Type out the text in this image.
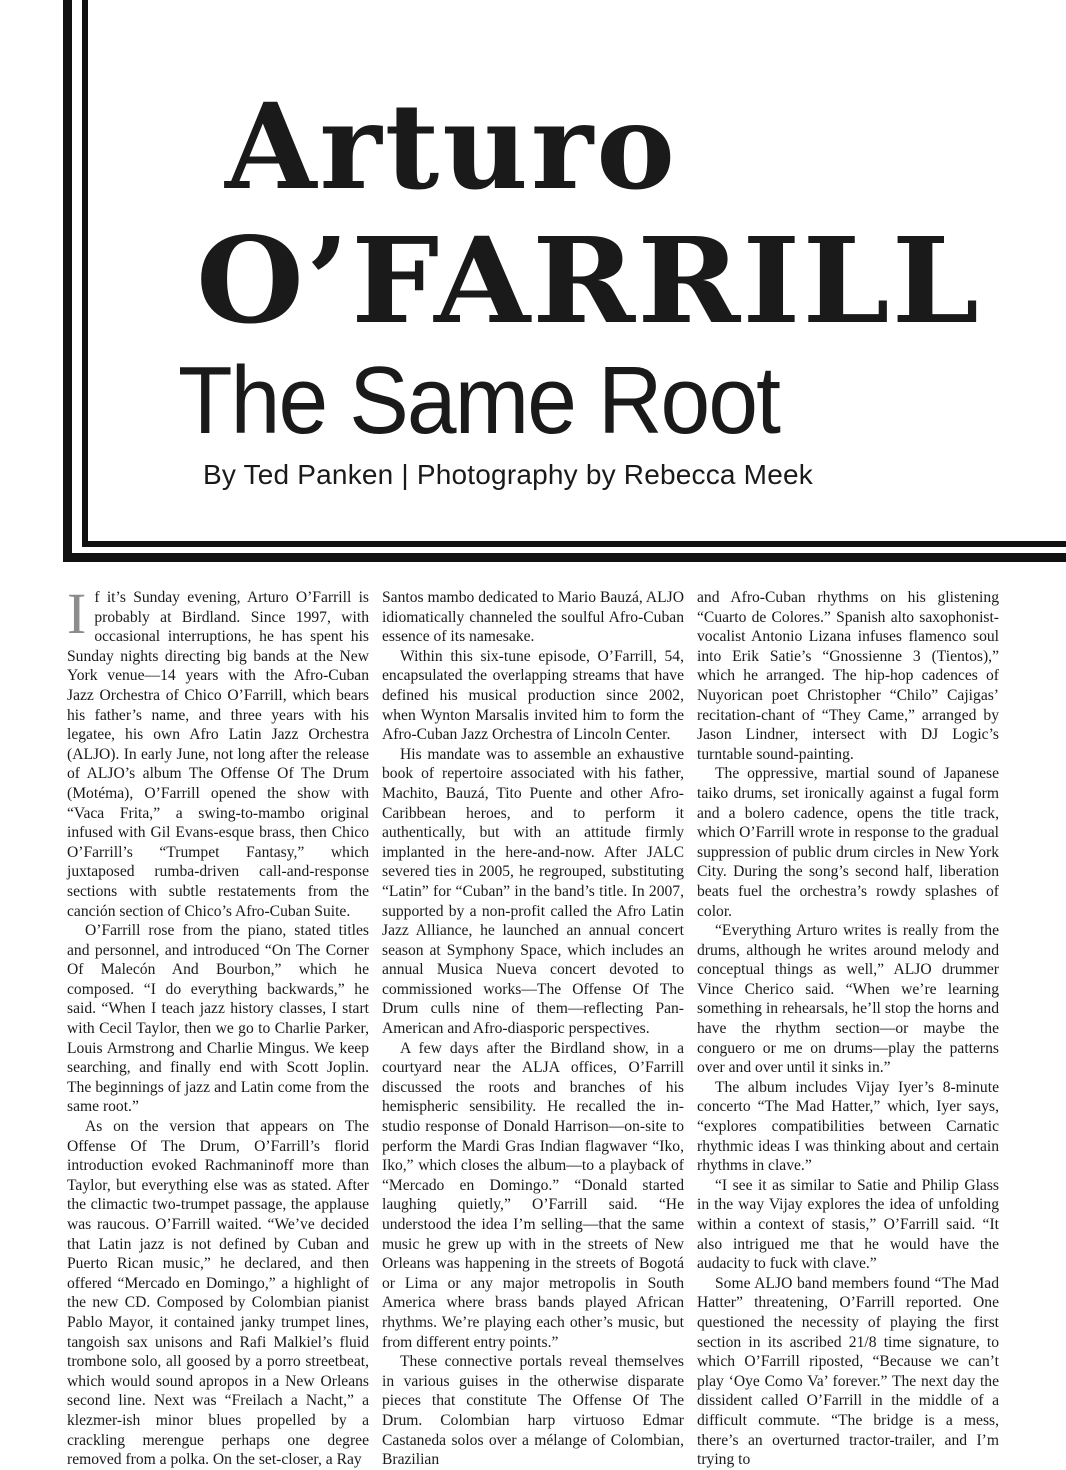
Arturo
O’FARRILL
The Same Root

By Ted Panken | Photography by Rebecca Meek

If it’s Sunday evening, Arturo O’Farrill is probably at Birdland. Since 1997, with occasional interruptions, he has spent his Sunday nights directing big bands at the New York venue—14 years with the Afro-Cuban Jazz Orchestra of Chico O’Farrill, which bears his father’s name, and three years with his legatee, his own Afro Latin Jazz Orchestra (ALJO). In early June, not long after the release of ALJO’s album The Offense Of The Drum (Motéma), O’Farrill opened the show with “Vaca Frita,” a swing-to-mambo original infused with Gil Evans-esque brass, then Chico O’Farrill’s “Trumpet Fantasy,” which juxtaposed rumba-driven call-and-response sections with subtle restatements from the canción section of Chico’s Afro-Cuban Suite.

O’Farrill rose from the piano, stated titles and personnel, and introduced “On The Corner Of Malecón And Bourbon,” which he composed. “I do everything backwards,” he said. “When I teach jazz history classes, I start with Cecil Taylor, then we go to Charlie Parker, Louis Armstrong and Charlie Mingus. We keep searching, and finally end with Scott Joplin. The beginnings of jazz and Latin come from the same root.”

As on the version that appears on The Offense Of The Drum, O’Farrill’s florid introduction evoked Rachmaninoff more than Taylor, but everything else was as stated. After the climactic two-trumpet passage, the applause was raucous. O’Farrill waited. “We’ve decided that Latin jazz is not defined by Cuban and Puerto Rican music,” he declared, and then offered “Mercado en Domingo,” a highlight of the new CD. Composed by Colombian pianist Pablo Mayor, it contained janky trumpet lines, tangoish sax unisons and Rafi Malkiel’s fluid trombone solo, all goosed by a porro streetbeat, which would sound apropos in a New Orleans second line. Next was “Freilach a Nacht,” a klezmer-ish minor blues propelled by a crackling merengue perhaps one degree removed from a polka. On the set-closer, a Ray

Santos mambo dedicated to Mario Bauzá, ALJO idiomatically channeled the soulful Afro-Cuban essence of its namesake.

Within this six-tune episode, O’Farrill, 54, encapsulated the overlapping streams that have defined his musical production since 2002, when Wynton Marsalis invited him to form the Afro-Cuban Jazz Orchestra of Lincoln Center.

His mandate was to assemble an exhaustive book of repertoire associated with his father, Machito, Bauzá, Tito Puente and other Afro-Caribbean heroes, and to perform it authentically, but with an attitude firmly implanted in the here-and-now. After JALC severed ties in 2005, he regrouped, substituting “Latin” for “Cuban” in the band’s title. In 2007, supported by a non-profit called the Afro Latin Jazz Alliance, he launched an annual concert season at Symphony Space, which includes an annual Musica Nueva concert devoted to commissioned works—The Offense Of The Drum culls nine of them—reflecting Pan-American and Afro-diasporic perspectives.

A few days after the Birdland show, in a courtyard near the ALJA offices, O’Farrill discussed the roots and branches of his hemispheric sensibility. He recalled the in-studio response of Donald Harrison—on-site to perform the Mardi Gras Indian flagwaver “Iko, Iko,” which closes the album—to a playback of “Mercado en Domingo.” “Donald started laughing quietly,” O’Farrill said. “He understood the idea I’m selling—that the same music he grew up with in the streets of New Orleans was happening in the streets of Bogotá or Lima or any major metropolis in South America where brass bands played African rhythms. We’re playing each other’s music, but from different entry points.”

These connective portals reveal themselves in various guises in the otherwise disparate pieces that constitute The Offense Of The Drum. Colombian harp virtuoso Edmar Castaneda solos over a mélange of Colombian, Brazilian

and Afro-Cuban rhythms on his glistening “Cuarto de Colores.” Spanish alto saxophonist-vocalist Antonio Lizana infuses flamenco soul into Erik Satie’s “Gnossienne 3 (Tientos),” which he arranged. The hip-hop cadences of Nuyorican poet Christopher “Chilo” Cajigas’ recitation-chant of “They Came,” arranged by Jason Lindner, intersect with DJ Logic’s turntable sound-painting.

The oppressive, martial sound of Japanese taiko drums, set ironically against a fugal form and a bolero cadence, opens the title track, which O’Farrill wrote in response to the gradual suppression of public drum circles in New York City. During the song’s second half, liberation beats fuel the orchestra’s rowdy splashes of color.

“Everything Arturo writes is really from the drums, although he writes around melody and conceptual things as well,” ALJO drummer Vince Cherico said. “When we’re learning something in rehearsals, he’ll stop the horns and have the rhythm section—or maybe the conguero or me on drums—play the patterns over and over until it sinks in.”

The album includes Vijay Iyer’s 8-minute concerto “The Mad Hatter,” which, Iyer says, “explores compatibilities between Carnatic rhythmic ideas I was thinking about and certain rhythms in clave.”

“I see it as similar to Satie and Philip Glass in the way Vijay explores the idea of unfolding within a context of stasis,” O’Farrill said. “It also intrigued me that he would have the audacity to fuck with clave.”

Some ALJO band members found “The Mad Hatter” threatening, O’Farrill reported. One questioned the necessity of playing the first section in its ascribed 21/8 time signature, to which O’Farrill riposted, “Because we can’t play ‘Oye Como Va’ forever.” The next day the dissident called O’Farrill in the middle of a difficult commute. “The bridge is a mess, there’s an overturned tractor-trailer, and I’m trying to
